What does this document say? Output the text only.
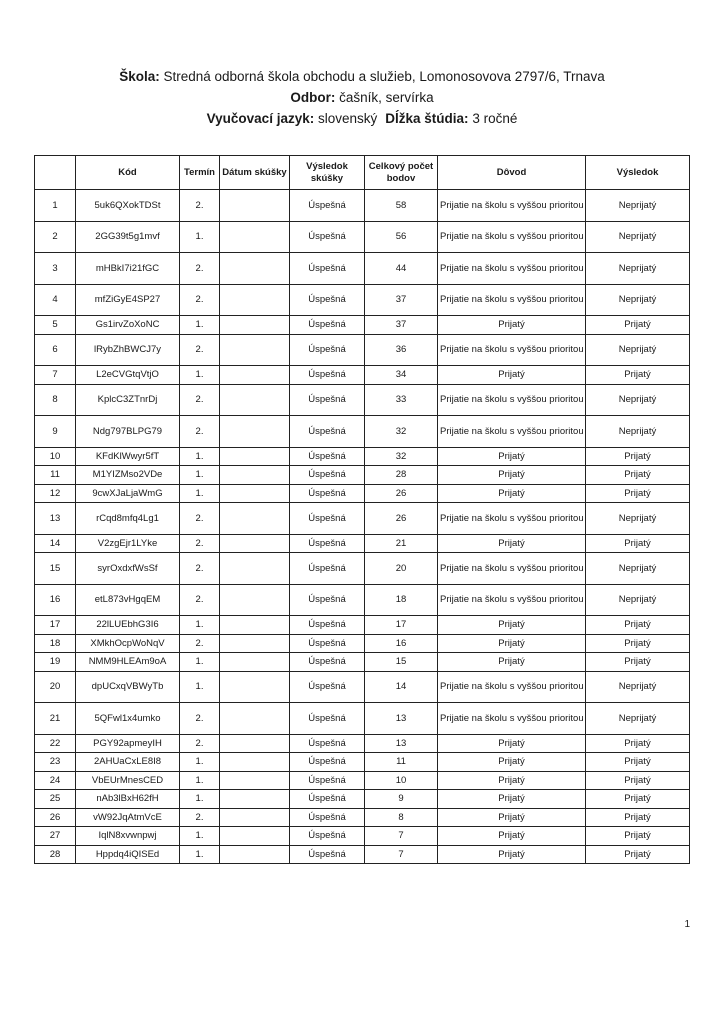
Škola: Stredná odborná škola obchodu a služieb, Lomonosovova 2797/6, Trnava
Odbor: čašník, servírka
Vyučovací jazyk: slovenský Dĺžka štúdia: 3 ročné
	Kód	Termín	Dátum skúšky	Výsledok skúšky	Celkový počet bodov	Dôvod	Výsledok
1	5uk6QXokTDSt	2.		Úspešná	58	Prijatie na školu s vyššou prioritou	Neprijatý
2	2GG39t5g1mvf	1.		Úspešná	56	Prijatie na školu s vyššou prioritou	Neprijatý
3	mHBkI7i21fGC	2.		Úspešná	44	Prijatie na školu s vyššou prioritou	Neprijatý
4	mfZiGyE4SP27	2.		Úspešná	37	Prijatie na školu s vyššou prioritou	Neprijatý
5	Gs1irvZoXoNC	1.		Úspešná	37	Prijatý	Prijatý
6	lRybZhBWCJ7y	2.		Úspešná	36	Prijatie na školu s vyššou prioritou	Neprijatý
7	L2eCVGtqVtjO	1.		Úspešná	34	Prijatý	Prijatý
8	KplcC3ZTnrDj	2.		Úspešná	33	Prijatie na školu s vyššou prioritou	Neprijatý
9	Ndg797BLPG79	2.		Úspešná	32	Prijatie na školu s vyššou prioritou	Neprijatý
10	KFdKlWwyr5fT	1.		Úspešná	32	Prijatý	Prijatý
11	M1YIZMso2VDe	1.		Úspešná	28	Prijatý	Prijatý
12	9cwXJaLjaWmG	1.		Úspešná	26	Prijatý	Prijatý
13	rCqd8mfq4Lg1	2.		Úspešná	26	Prijatie na školu s vyššou prioritou	Neprijatý
14	V2zgEjr1LYke	2.		Úspešná	21	Prijatý	Prijatý
15	syrOxdxfWsSf	2.		Úspešná	20	Prijatie na školu s vyššou prioritou	Neprijatý
16	etL873vHgqEM	2.		Úspešná	18	Prijatie na školu s vyššou prioritou	Neprijatý
17	22lLUEbhG3I6	1.		Úspešná	17	Prijatý	Prijatý
18	XMkhOcpWoNqV	2.		Úspešná	16	Prijatý	Prijatý
19	NMM9HLEAm9oA	1.		Úspešná	15	Prijatý	Prijatý
20	dpUCxqVBWyTb	1.		Úspešná	14	Prijatie na školu s vyššou prioritou	Neprijatý
21	5QFwl1x4umko	2.		Úspešná	13	Prijatie na školu s vyššou prioritou	Neprijatý
22	PGY92apmeyIH	2.		Úspešná	13	Prijatý	Prijatý
23	2AHUaCxLE8I8	1.		Úspešná	11	Prijatý	Prijatý
24	VbEUrMnesCED	1.		Úspešná	10	Prijatý	Prijatý
25	nAb3lBxH62fH	1.		Úspešná	9	Prijatý	Prijatý
26	vW92JqAtmVcE	2.		Úspešná	8	Prijatý	Prijatý
27	IqlN8xvwnpwj	1.		Úspešná	7	Prijatý	Prijatý
28	Hppdq4iQISEd	1.		Úspešná	7	Prijatý	Prijatý
1
